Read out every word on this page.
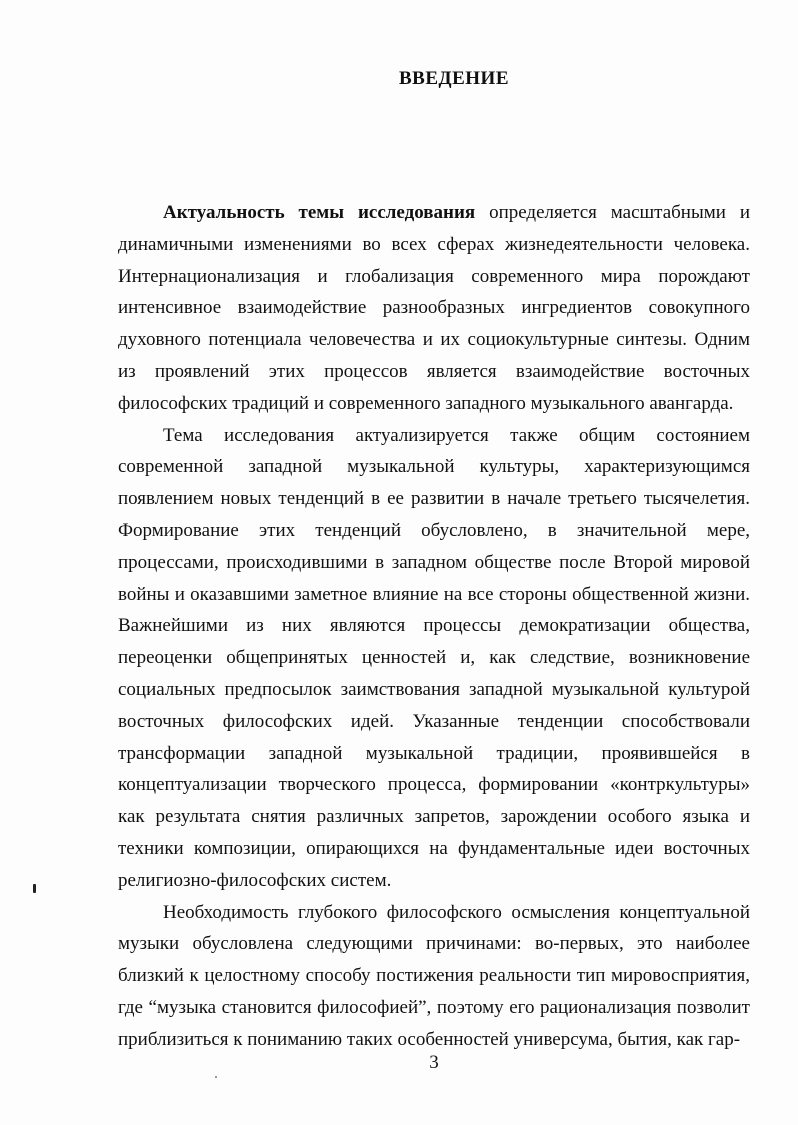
ВВЕДЕНИЕ

Актуальность темы исследования определяется масштабными и динамичными изменениями во всех сферах жизнедеятельности человека. Интернационализация и глобализация современного мира порождают интенсивное взаимодействие разнообразных ингредиентов совокупного духовного потенциала человечества и их социокультурные синтезы. Одним из проявлений этих процессов является взаимодействие восточных философских традиций и современного западного музыкального авангарда.

Тема исследования актуализируется также общим состоянием современной западной музыкальной культуры, характеризующимся появлением новых тенденций в ее развитии в начале третьего тысячелетия. Формирование этих тенденций обусловлено, в значительной мере, процессами, происходившими в западном обществе после Второй мировой войны и оказавшими заметное влияние на все стороны общественной жизни. Важнейшими из них являются процессы демократизации общества, переоценки общепринятых ценностей и, как следствие, возникновение социальных предпосылок заимствования западной музыкальной культурой восточных философских идей. Указанные тенденции способствовали трансформации западной музыкальной традиции, проявившейся в концептуализации творческого процесса, формировании «контркультуры» как результата снятия различных запретов, зарождении особого языка и техники композиции, опирающихся на фундаментальные идеи восточных религиозно-философских систем.

Необходимость глубокого философского осмысления концептуальной музыки обусловлена следующими причинами: во-первых, это наиболее близкий к целостному способу постижения реальности тип мировосприятия, где “музыка становится философией”, поэтому его рационализация позволит приблизиться к пониманию таких особенностей универсума, бытия, как гар-

3
